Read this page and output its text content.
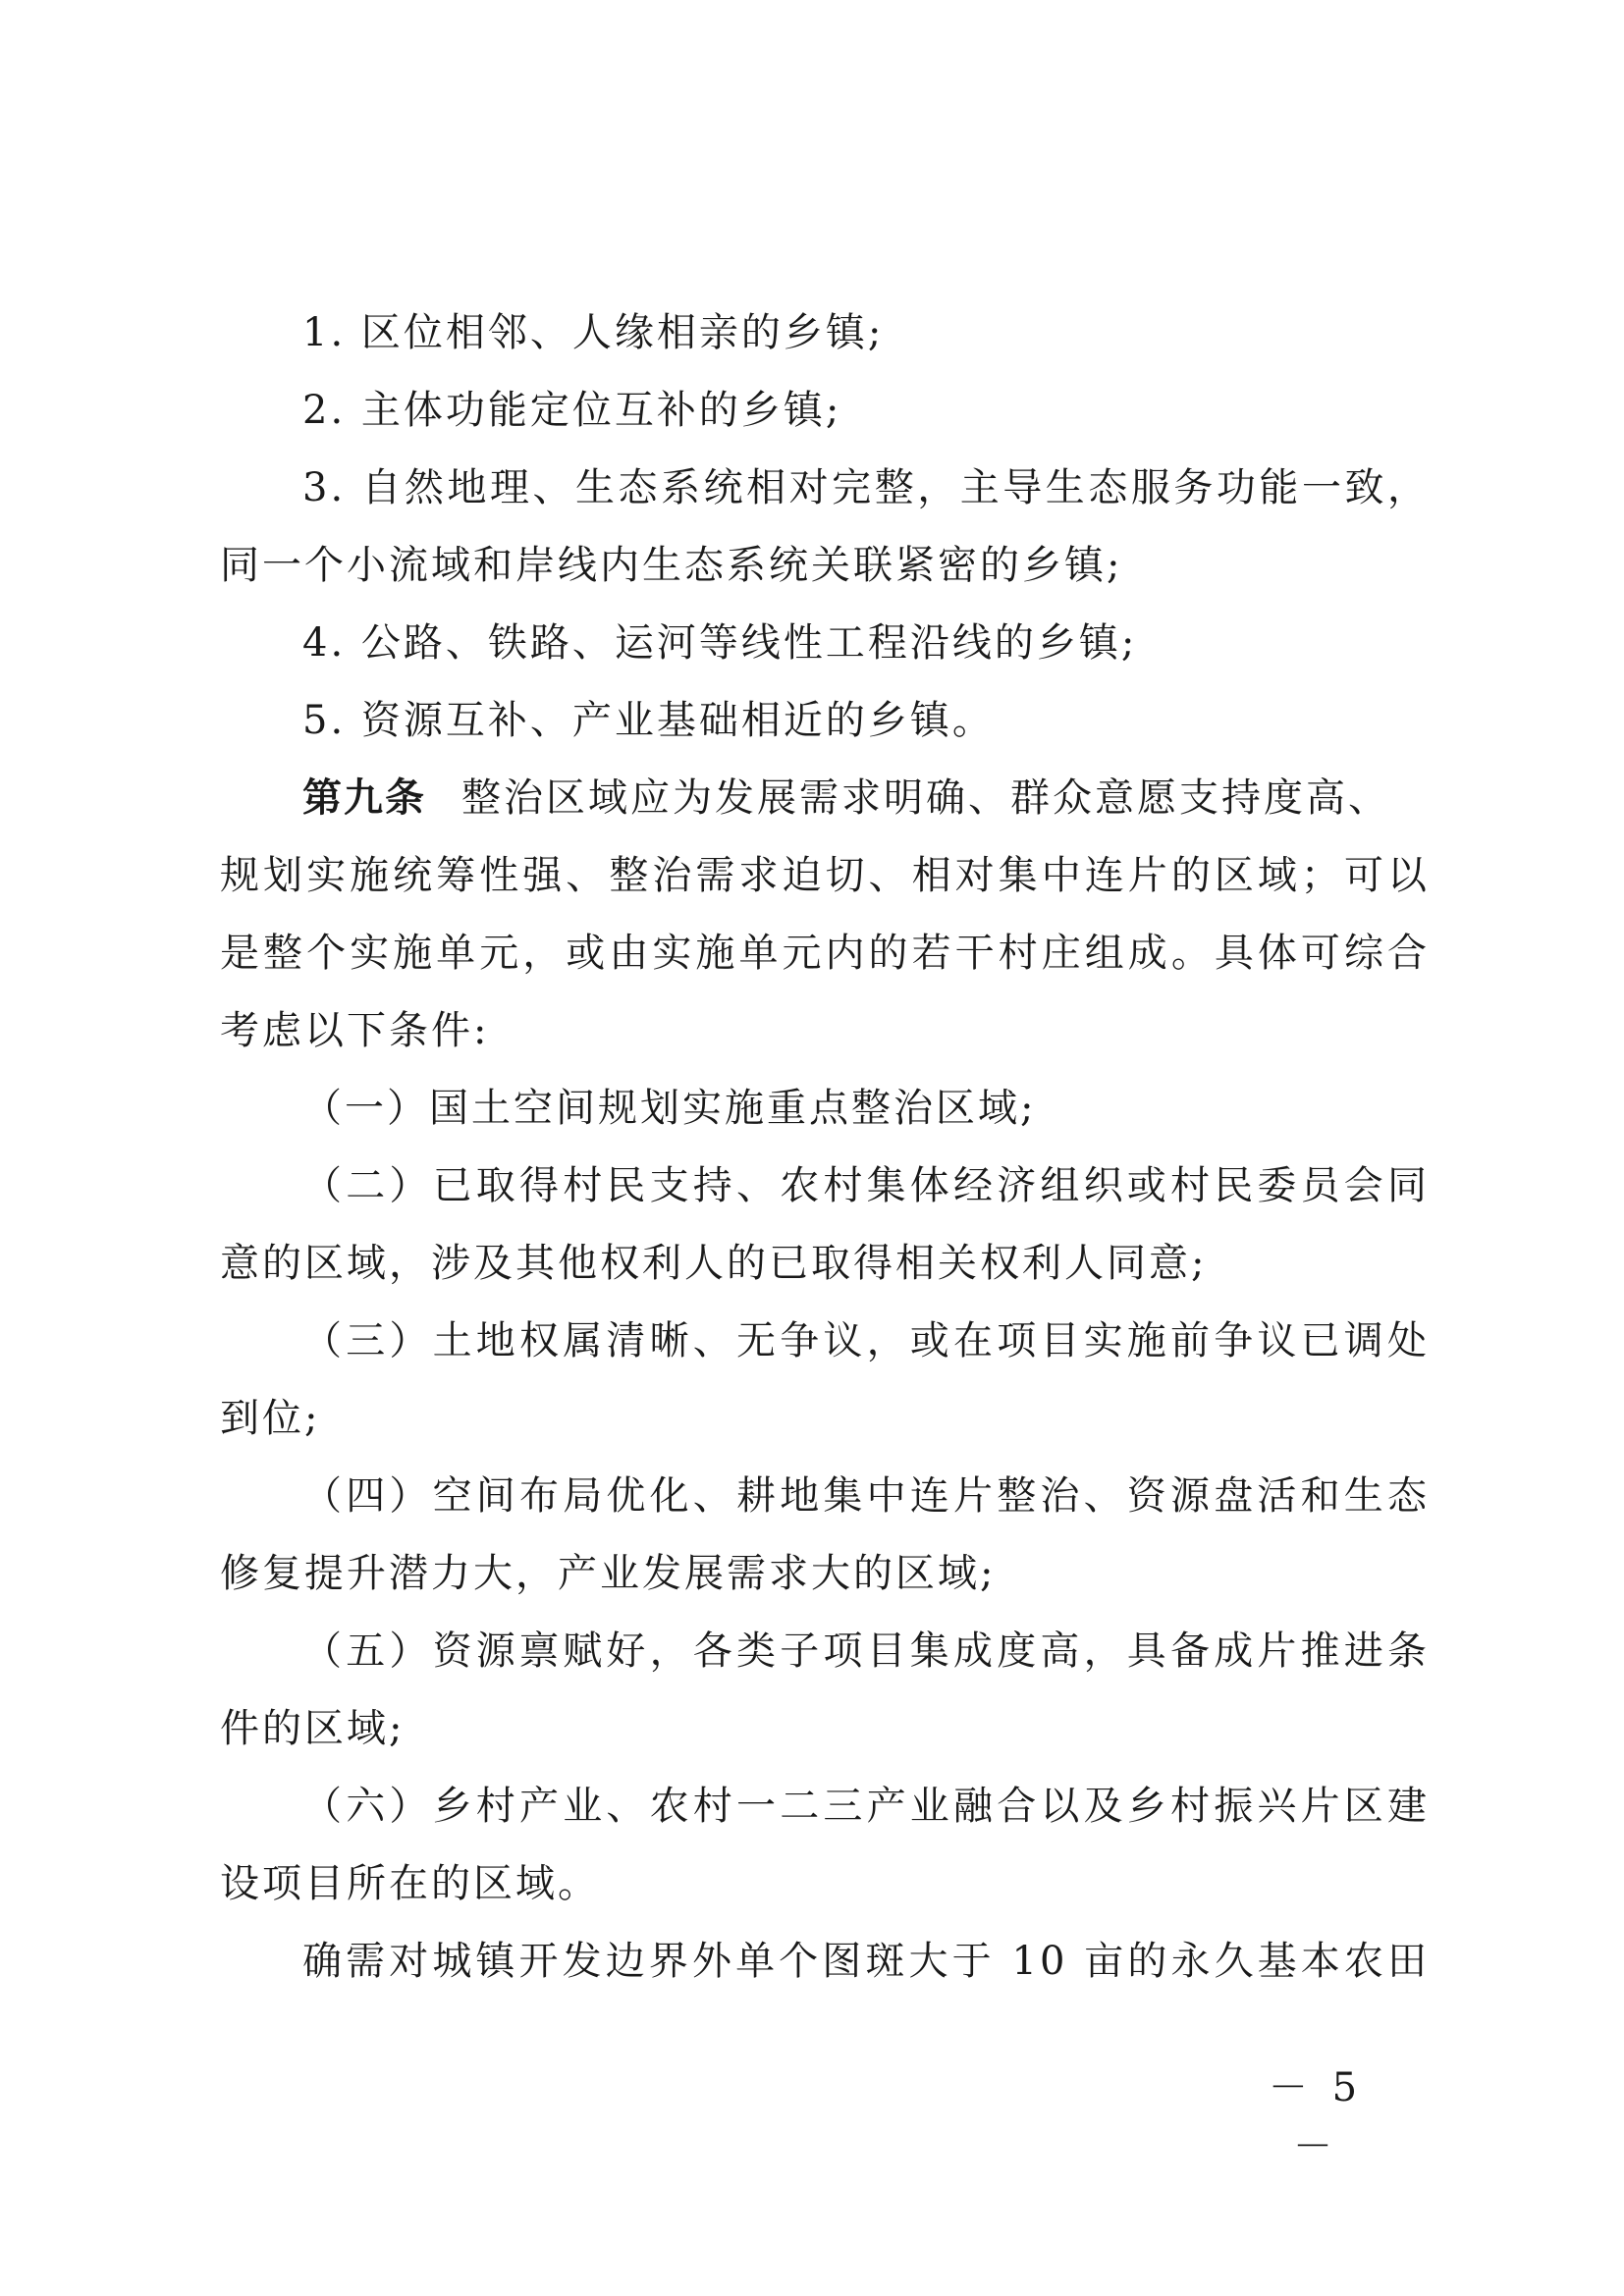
1. 区位相邻、人缘相亲的乡镇;
2. 主体功能定位互补的乡镇;
3. 自然地理、生态系统相对完整，主导生态服务功能一致，
同一个小流域和岸线内生态系统关联紧密的乡镇;
4. 公路、铁路、运河等线性工程沿线的乡镇;
5. 资源互补、产业基础相近的乡镇。
第九条 整治区域应为发展需求明确、群众意愿支持度高、
规划实施统筹性强、整治需求迫切、相对集中连片的区域；可以
是整个实施单元，或由实施单元内的若干村庄组成。具体可综合
考虑以下条件:
（一）国土空间规划实施重点整治区域;
（二）已取得村民支持、农村集体经济组织或村民委员会同
意的区域，涉及其他权利人的已取得相关权利人同意;
（三）土地权属清晰、无争议，或在项目实施前争议已调处
到位;
（四）空间布局优化、耕地集中连片整治、资源盘活和生态
修复提升潜力大，产业发展需求大的区域;
（五）资源禀赋好，各类子项目集成度高，具备成片推进条
件的区域;
（六）乡村产业、农村一二三产业融合以及乡村振兴片区建
设项目所在的区域。
确需对城镇开发边界外单个图斑大于 10 亩的永久基本农田
－ 5 －
